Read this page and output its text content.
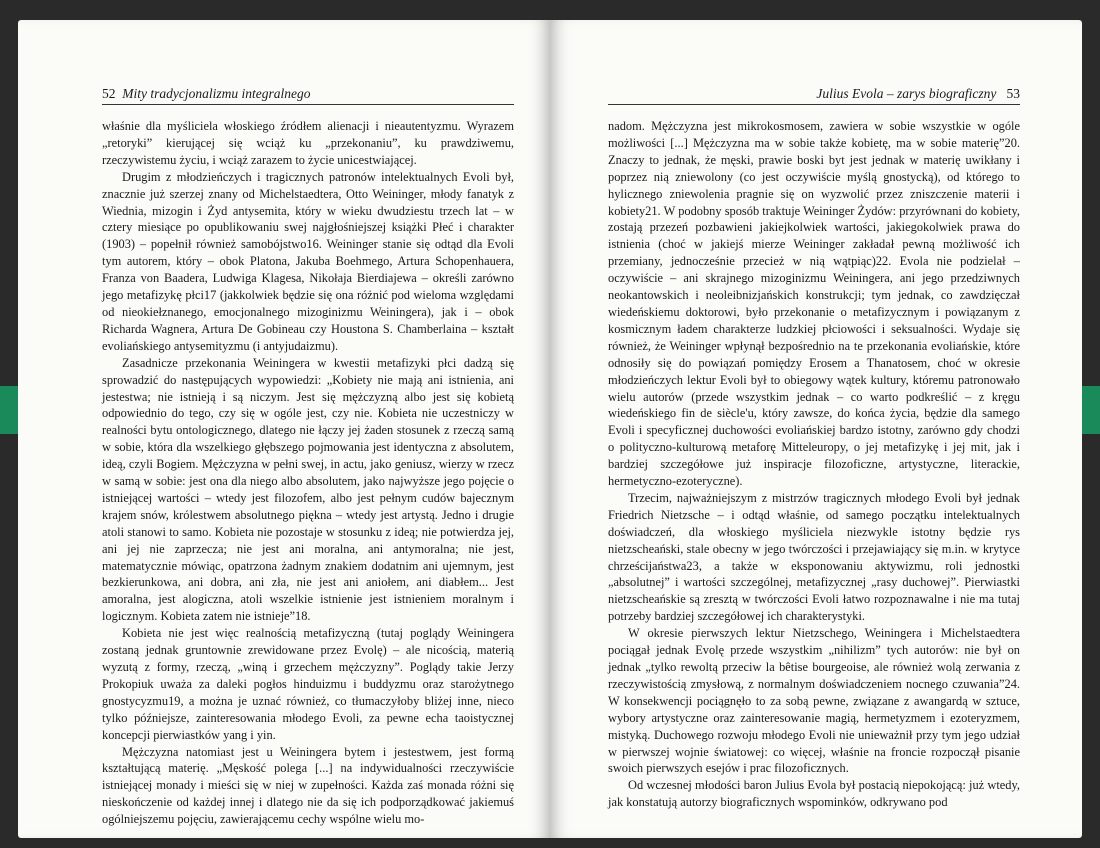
52 Mity tradycjonalizmu integralnego

właśnie dla myśliciela włoskiego źródłem alienacji i nieautentyzmu. Wyrazem „retoryki” kierującej się wciąż ku „przekonaniu”, ku prawdziwemu, rzeczywistemu życiu, i wciąż zarazem to życie unicestwiającej.

Drugim z młodzieńczych i tragicznych patronów intelektualnych Evoli był, znacznie już szerzej znany od Michelstaedtera, Otto Weininger, młody fanatyk z Wiednia, mizogin i Żyd antysemita, który w wieku dwudziestu trzech lat – w cztery miesiące po opublikowaniu swej najgłośniejszej książki Płeć i charakter (1903) – popełnił również samobójstwo16. Weininger stanie się odtąd dla Evoli tym autorem, który – obok Platona, Jakuba Boehmego, Artura Schopenhauera, Franza von Baadera, Ludwiga Klagesa, Nikołaja Bierdiajewa – określi zarówno jego metafizykę płci17 (jakkolwiek będzie się ona różnić pod wieloma względami od nieokiełznanego, emocjonalnego mizoginizmu Weiningera), jak i – obok Richarda Wagnera, Artura De Gobineau czy Houstona S. Chamberlaina – kształt evoliańskiego antysemityzmu (i antyjudaizmu).

Zasadnicze przekonania Weiningera w kwestii metafizyki płci dadzą się sprowadzić do następujących wypowiedzi: „Kobiety nie mają ani istnienia, ani jestestwa; nie istnieją i są niczym. Jest się mężczyzną albo jest się kobietą odpowiednio do tego, czy się w ogóle jest, czy nie. Kobieta nie uczestniczy w realności bytu ontologicznego, dlatego nie łączy jej żaden stosunek z rzeczą samą w sobie, która dla wszelkiego głębszego pojmowania jest identyczna z absolutem, ideą, czyli Bogiem. Mężczyzna w pełni swej, in actu, jako geniusz, wierzy w rzecz w samą w sobie: jest ona dla niego albo absolutem, jako najwyższe jego pojęcie o istniejącej wartości – wtedy jest filozofem, albo jest pełnym cudów bajecznym krajem snów, królestwem absolutnego piękna – wtedy jest artystą. Jedno i drugie atoli stanowi to samo. Kobieta nie pozostaje w stosunku z ideą; nie potwierdza jej, ani jej nie zaprzecza; nie jest ani moralna, ani antymoralna; nie jest, matematycznie mówiąc, opatrzona żadnym znakiem dodatnim ani ujemnym, jest bezkierunkowa, ani dobra, ani zła, nie jest ani aniołem, ani diabłem... Jest amoralna, jest alogiczna, atoli wszelkie istnienie jest istnieniem moralnym i logicznym. Kobieta zatem nie istnieje”18.

Kobieta nie jest więc realnością metafizyczną (tutaj poglądy Weiningera zostaną jednak gruntownie zrewidowane przez Evolę) – ale nicością, materią wyzutą z formy, rzeczą, „winą i grzechem mężczyzny”. Poglądy takie Jerzy Prokopiuk uważa za daleki pogłos hinduizmu i buddyzmu oraz starożytnego gnostycyzmu19, a można je uznać również, co tłumaczyłoby bliżej inne, nieco tylko późniejsze, zainteresowania młodego Evoli, za pewne echa taoistycznej koncepcji pierwiastków yang i yin.

Mężczyzna natomiast jest u Weiningera bytem i jestestwem, jest formą kształtującą materię. „Męskość polega [...] na indywidualności rzeczywiście istniejącej monady i mieści się w niej w zupełności. Każda zaś monada różni się nieskończenie od każdej innej i dlatego nie da się ich podporządkować jakiemuś ogólniejszemu pojęciu, zawierającemu cechy wspólne wielu mo-

Julius Evola – zarys biograficzny 53

nadom. Mężczyzna jest mikrokosmosem, zawiera w sobie wszystkie w ogóle możliwości [...] Mężczyzna ma w sobie także kobietę, ma w sobie materię”20. Znaczy to jednak, że męski, prawie boski byt jest jednak w materię uwikłany i poprzez nią zniewolony (co jest oczywiście myślą gnostycką), od którego to hylicznego zniewolenia pragnie się on wyzwolić przez zniszczenie materii i kobiety21. W podobny sposób traktuje Weininger Żydów: przyrównani do kobiety, zostają przezeń pozbawieni jakiejkolwiek wartości, jakiegokolwiek prawa do istnienia (choć w jakiejś mierze Weininger zakładał pewną możliwość ich przemiany, jednocześnie przecież w nią wątpiąc)22. Evola nie podzielał – oczywiście – ani skrajnego mizoginizmu Weiningera, ani jego przedziwnych neokantowskich i neoleibnizjańskich konstrukcji; tym jednak, co zawdzięczał wiedeńskiemu doktorowi, było przekonanie o metafizycznym i powiązanym z kosmicznym ładem charakterze ludzkiej płciowości i seksualności. Wydaje się również, że Weininger wpłynął bezpośrednio na te przekonania evoliańskie, które odnosiły się do powiązań pomiędzy Erosem a Thanatosem, choć w okresie młodzieńczych lektur Evoli był to obiegowy wątek kultury, któremu patronowało wielu autorów (przede wszystkim jednak – co warto podkreślić – z kręgu wiedeńskiego fin de siècle'u, który zawsze, do końca życia, będzie dla samego Evoli i specyficznej duchowości evoliańskiej bardzo istotny, zarówno gdy chodzi o polityczno-kulturową metaforę Mitteleuropy, o jej metafizykę i jej mit, jak i bardziej szczegółowe już inspiracje filozoficzne, artystyczne, literackie, hermetyczno-ezoteryczne).

Trzecim, najważniejszym z mistrzów tragicznych młodego Evoli był jednak Friedrich Nietzsche – i odtąd właśnie, od samego początku intelektualnych doświadczeń, dla włoskiego myśliciela niezwykle istotny będzie rys nietzscheański, stale obecny w jego twórczości i przejawiający się m.in. w krytyce chrześcijaństwa23, a także w eksponowaniu aktywizmu, roli jednostki „absolutnej” i wartości szczególnej, metafizycznej „rasy duchowej”. Pierwiastki nietzscheańskie są zresztą w twórczości Evoli łatwo rozpoznawalne i nie ma tutaj potrzeby bardziej szczegółowej ich charakterystyki.

W okresie pierwszych lektur Nietzschego, Weiningera i Michelstaedtera pociągał jednak Evolę przede wszystkim „nihilizm” tych autorów: nie był on jednak „tylko rewoltą przeciw la bêtise bourgeoise, ale również wolą zerwania z rzeczywistością zmysłową, z normalnym doświadczeniem nocnego czuwania”24. W konsekwencji pociągnęło to za sobą pewne, związane z awangardą w sztuce, wybory artystyczne oraz zainteresowanie magią, hermetyzmem i ezoteryzmem, mistyką. Duchowego rozwoju młodego Evoli nie unieważnił przy tym jego udział w pierwszej wojnie światowej: co więcej, właśnie na froncie rozpoczął pisanie swoich pierwszych esejów i prac filozoficznych.

Od wczesnej młodości baron Julius Evola był postacią niepokojącą: już wtedy, jak konstatują autorzy biograficznych wspominków, odkrywano pod
